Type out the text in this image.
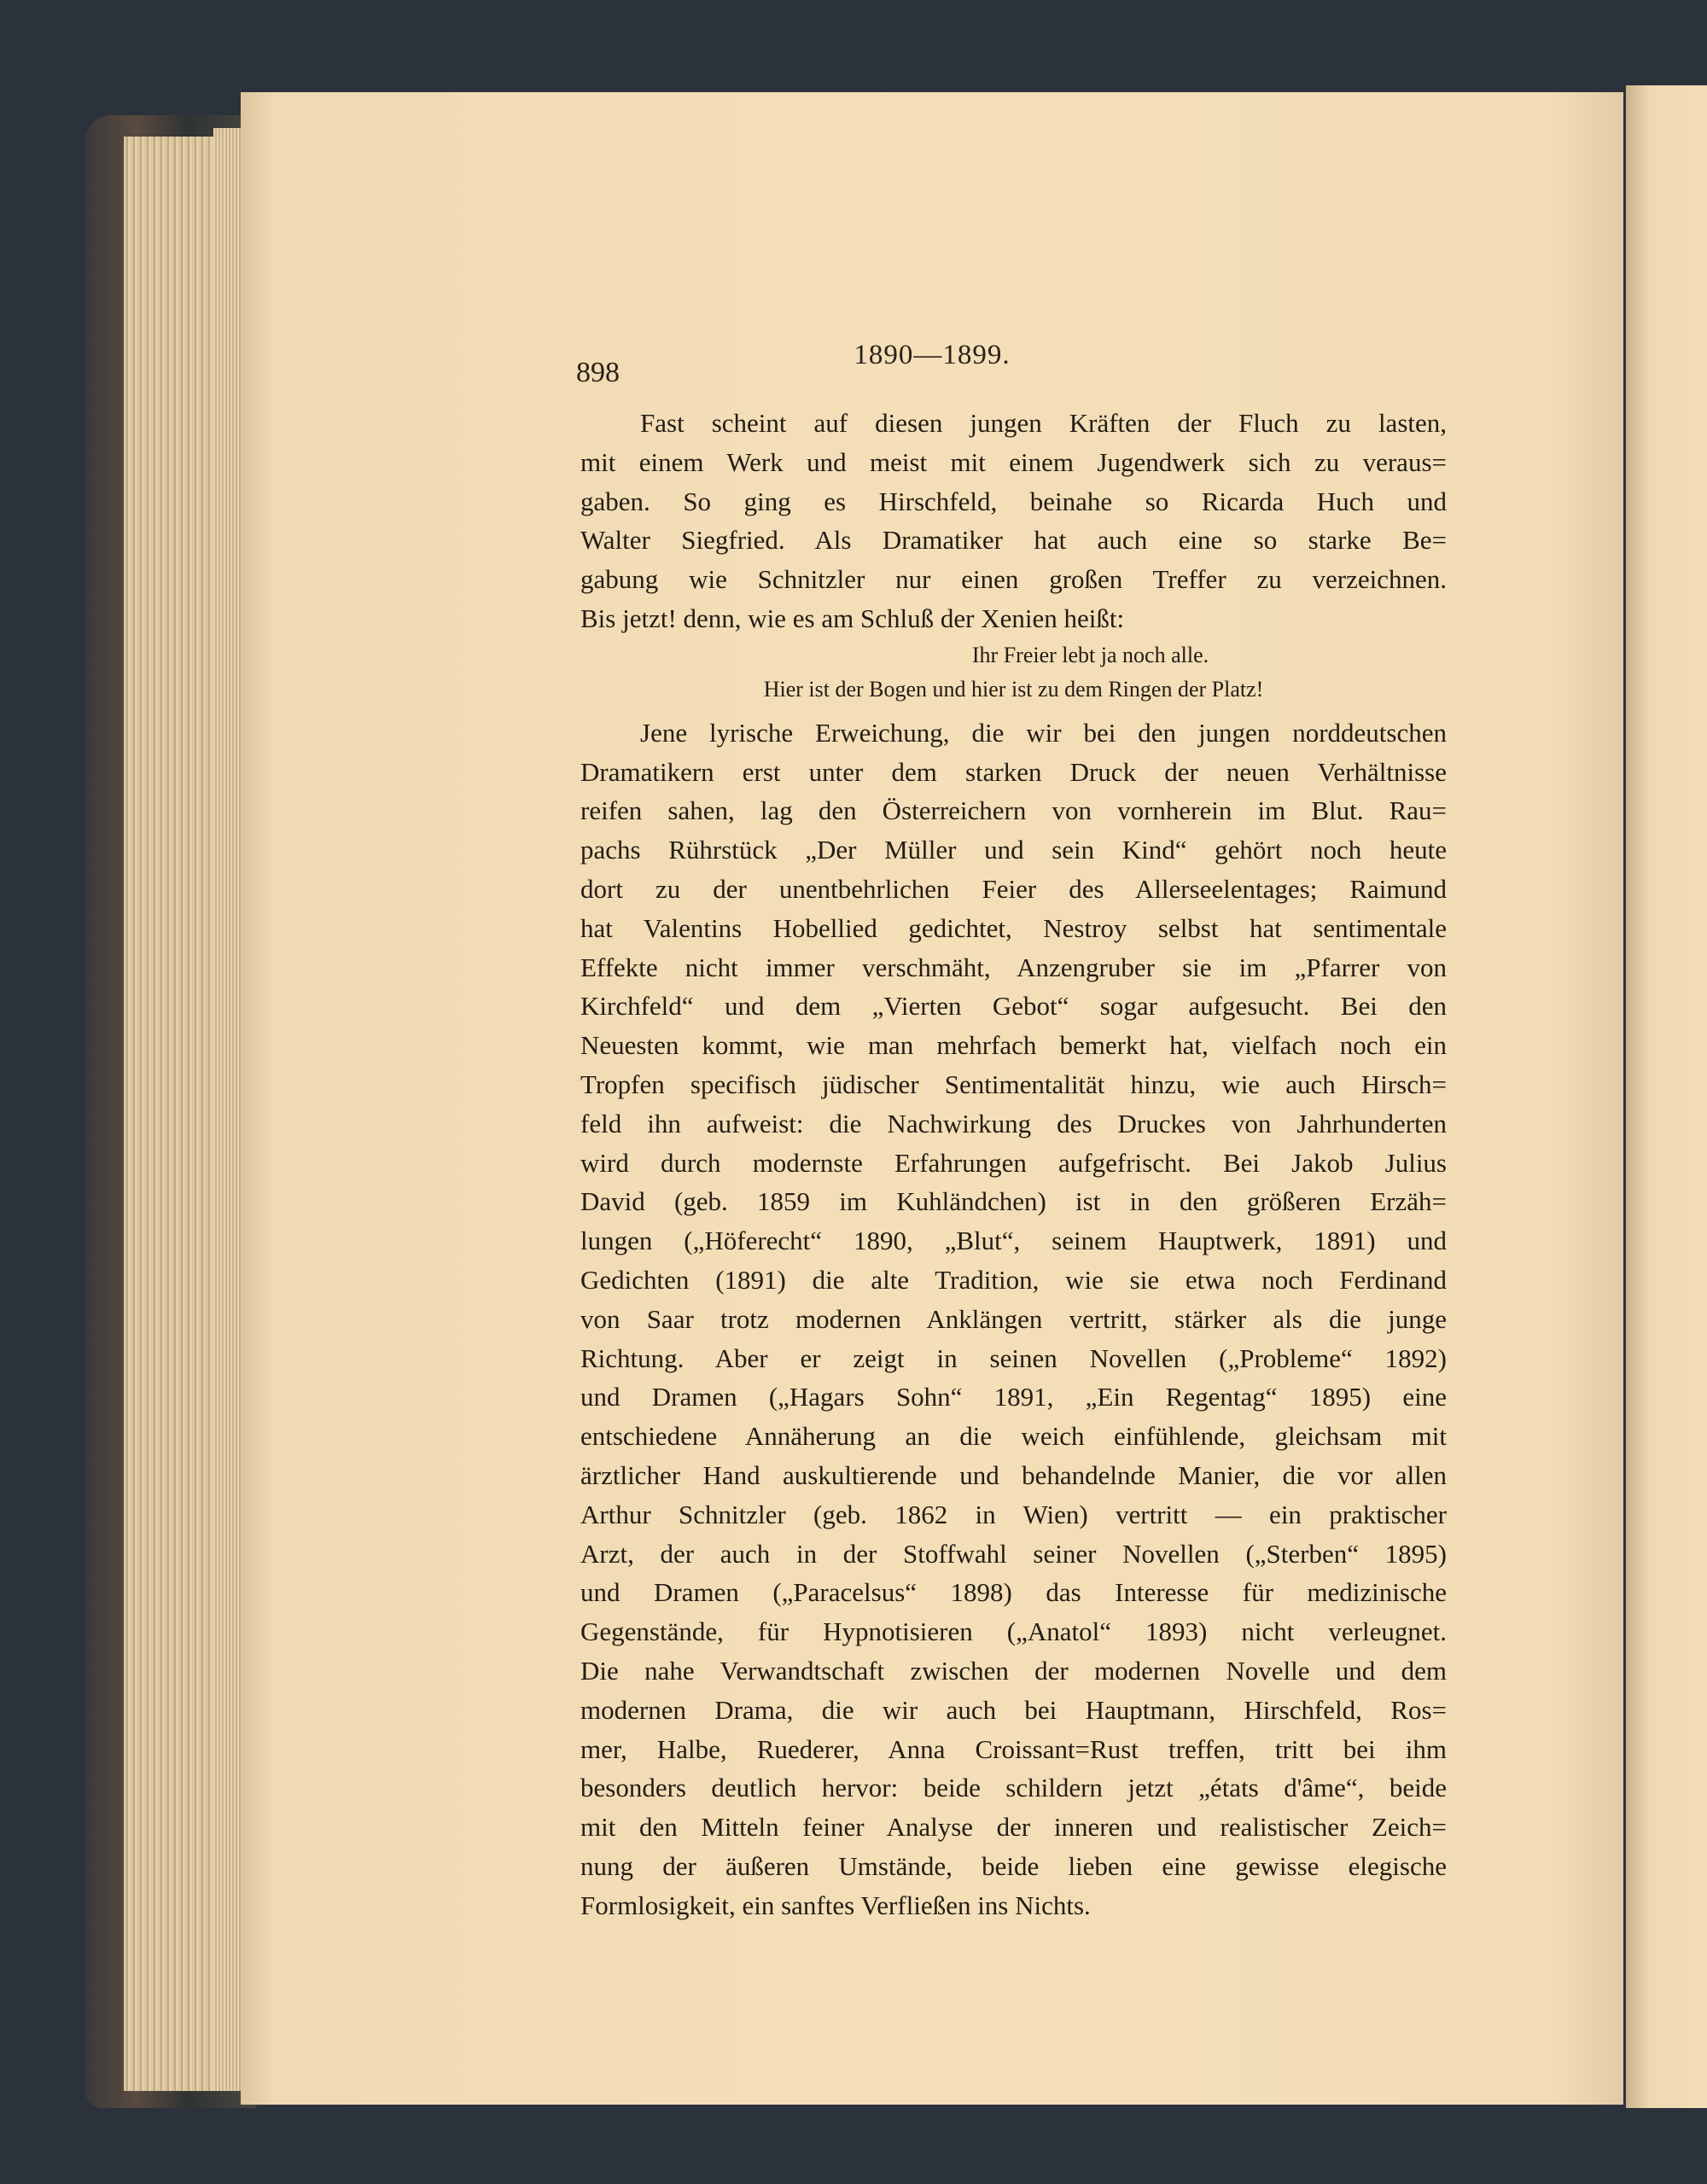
898
1890—1899.
Fast scheint auf diesen jungen Kräften der Fluch zu lasten,
mit einem Werk und meist mit einem Jugendwerk sich zu veraus=
gaben. So ging es Hirschfeld, beinahe so Ricarda Huch und
Walter Siegfried. Als Dramatiker hat auch eine so starke Be=
gabung wie Schnitzler nur einen großen Treffer zu verzeichnen.
Bis jetzt! denn, wie es am Schluß der Xenien heißt:
Ihr Freier lebt ja noch alle.
Hier ist der Bogen und hier ist zu dem Ringen der Platz!
Jene lyrische Erweichung, die wir bei den jungen norddeutschen
Dramatikern erst unter dem starken Druck der neuen Verhältnisse
reifen sahen, lag den Österreichern von vornherein im Blut. Rau=
pachs Rührstück „Der Müller und sein Kind“ gehört noch heute
dort zu der unentbehrlichen Feier des Allerseelentages; Raimund
hat Valentins Hobellied gedichtet, Nestroy selbst hat sentimentale
Effekte nicht immer verschmäht, Anzengruber sie im „Pfarrer von
Kirchfeld“ und dem „Vierten Gebot“ sogar aufgesucht. Bei den
Neuesten kommt, wie man mehrfach bemerkt hat, vielfach noch ein
Tropfen specifisch jüdischer Sentimentalität hinzu, wie auch Hirsch=
feld ihn aufweist: die Nachwirkung des Druckes von Jahrhunderten
wird durch modernste Erfahrungen aufgefrischt. Bei Jakob Julius
David (geb. 1859 im Kuhländchen) ist in den größeren Erzäh=
lungen („Höferecht“ 1890, „Blut“, seinem Hauptwerk, 1891) und
Gedichten (1891) die alte Tradition, wie sie etwa noch Ferdinand
von Saar trotz modernen Anklängen vertritt, stärker als die junge
Richtung. Aber er zeigt in seinen Novellen („Probleme“ 1892)
und Dramen („Hagars Sohn“ 1891, „Ein Regentag“ 1895) eine
entschiedene Annäherung an die weich einfühlende, gleichsam mit
ärztlicher Hand auskultierende und behandelnde Manier, die vor allen
Arthur Schnitzler (geb. 1862 in Wien) vertritt — ein praktischer
Arzt, der auch in der Stoffwahl seiner Novellen („Sterben“ 1895)
und Dramen („Paracelsus“ 1898) das Interesse für medizinische
Gegenstände, für Hypnotisieren („Anatol“ 1893) nicht verleugnet.
Die nahe Verwandtschaft zwischen der modernen Novelle und dem
modernen Drama, die wir auch bei Hauptmann, Hirschfeld, Ros=
mer, Halbe, Ruederer, Anna Croissant=Rust treffen, tritt bei ihm
besonders deutlich hervor: beide schildern jetzt „états d'âme“, beide
mit den Mitteln feiner Analyse der inneren und realistischer Zeich=
nung der äußeren Umstände, beide lieben eine gewisse elegische
Formlosigkeit, ein sanftes Verfließen ins Nichts.
